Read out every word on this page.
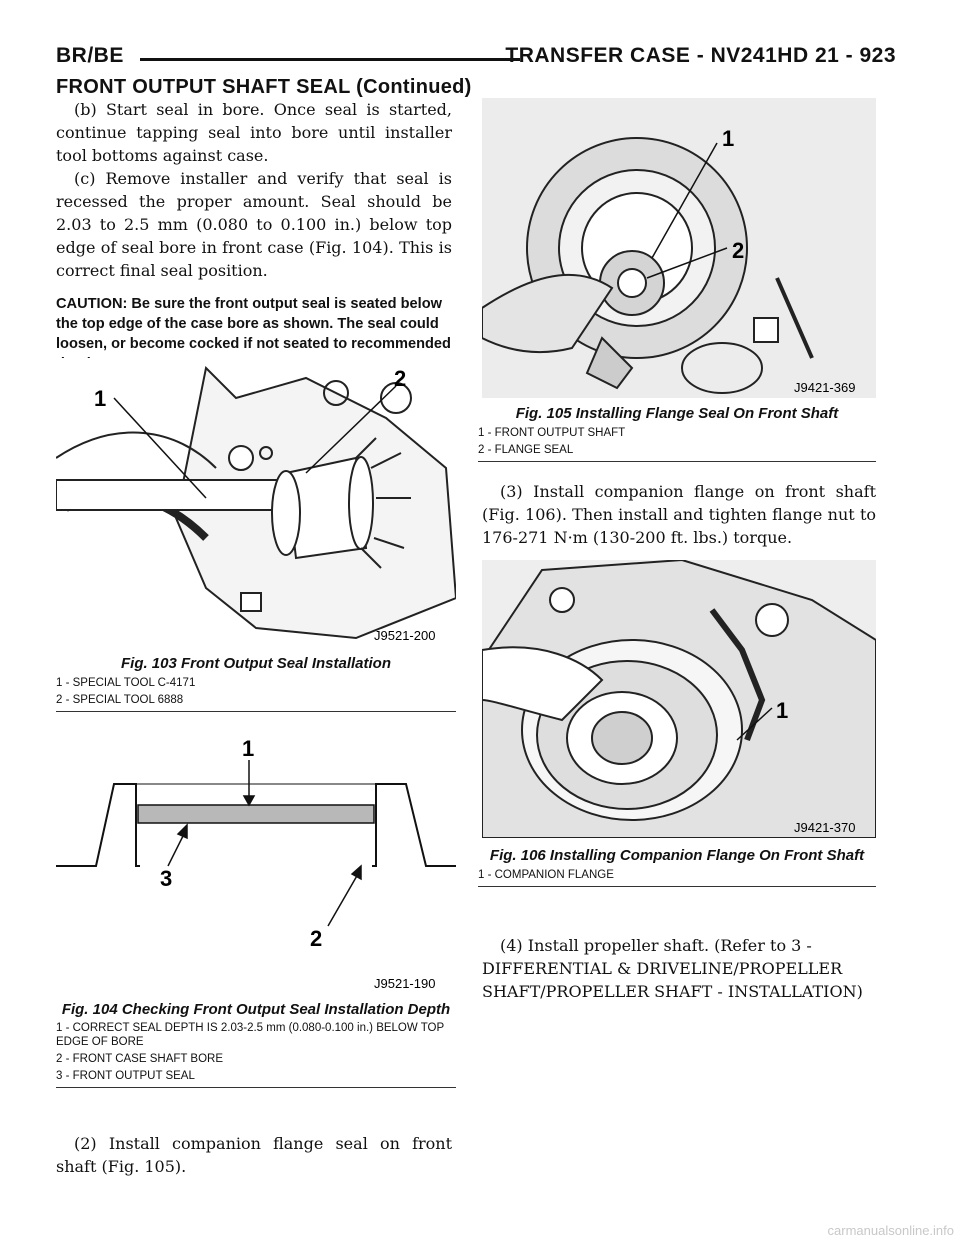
BR/BE	TRANSFER CASE - NV241HD 21 - 923
FRONT OUTPUT SHAFT SEAL (Continued)

(b) Start seal in bore. Once seal is started, continue tapping seal into bore until installer tool bottoms against case.

(c) Remove installer and verify that seal is recessed the proper amount. Seal should be 2.03 to 2.5 mm (0.080 to 0.100 in.) below top edge of seal bore in front case (Fig. 104). This is correct final seal position.

CAUTION: Be sure the front output seal is seated below the top edge of the case bore as shown. The seal could loosen, or become cocked if not seated to recommended

1
2
J9521-200
Fig. 103 Front Output Seal Installation
1 - SPECIAL TOOL C-4171
2 - SPECIAL TOOL 6888
1
2
3
J9521-190
Fig. 104 Checking Front Output Seal Installation Depth
1 - CORRECT SEAL DEPTH IS 2.03-2.5 mm (0.080-0.100 in.) BELOW TOP EDGE OF BORE
2 - FRONT CASE SHAFT BORE
3 - FRONT OUTPUT SEAL

(2) Install companion flange seal on front shaft (Fig. 105).

1
2
J9421-369
Fig. 105 Installing Flange Seal On Front Shaft
1 - FRONT OUTPUT SHAFT
2 - FLANGE SEAL

(3) Install companion flange on front shaft (Fig. 106). Then install and tighten flange nut to 176-271 N·m (130-200 ft. lbs.) torque.

1
J9421-370
Fig. 106 Installing Companion Flange On Front Shaft
1 - COMPANION FLANGE

(4) Install propeller shaft. (Refer to 3 - DIFFERENTIAL & DRIVELINE/PROPELLER SHAFT/PROPELLER SHAFT - INSTALLATION)

carmanualsonline.info
